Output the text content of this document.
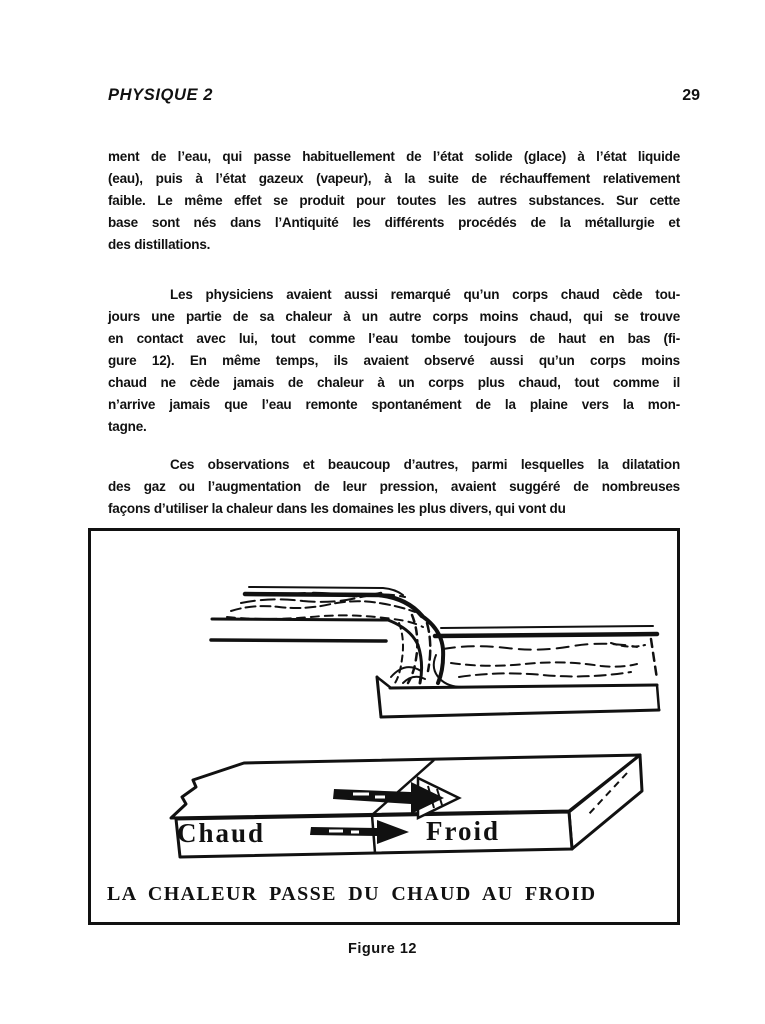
PHYSIQUE 2	29
ment de l’eau, qui passe habituellement de l’état solide (glace) à l’état liquide
(eau), puis à l’état gazeux (vapeur), à la suite de réchauffement relativement
faible. Le même effet se produit pour toutes les autres substances. Sur cette
base sont nés dans l’Antiquité les différents procédés de la métallurgie et
des distillations.
Les physiciens avaient aussi remarqué qu’un corps chaud cède tou-
jours une partie de sa chaleur à un autre corps moins chaud, qui se trouve
en contact avec lui, tout comme l’eau tombe toujours de haut en bas (fi-
gure 12). En même temps, ils avaient observé aussi qu’un corps moins
chaud ne cède jamais de chaleur à un corps plus chaud, tout comme il
n’arrive jamais que l’eau remonte spontanément de la plaine vers la mon-
tagne.
Ces observations et beaucoup d’autres, parmi lesquelles la dilatation
des gaz ou l’augmentation de leur pression, avaient suggéré de nombreuses
façons d’utiliser la chaleur dans les domaines les plus divers, qui vont du
Chaud	Froid
LA CHALEUR PASSE DU CHAUD AU FROID
Figure 12
